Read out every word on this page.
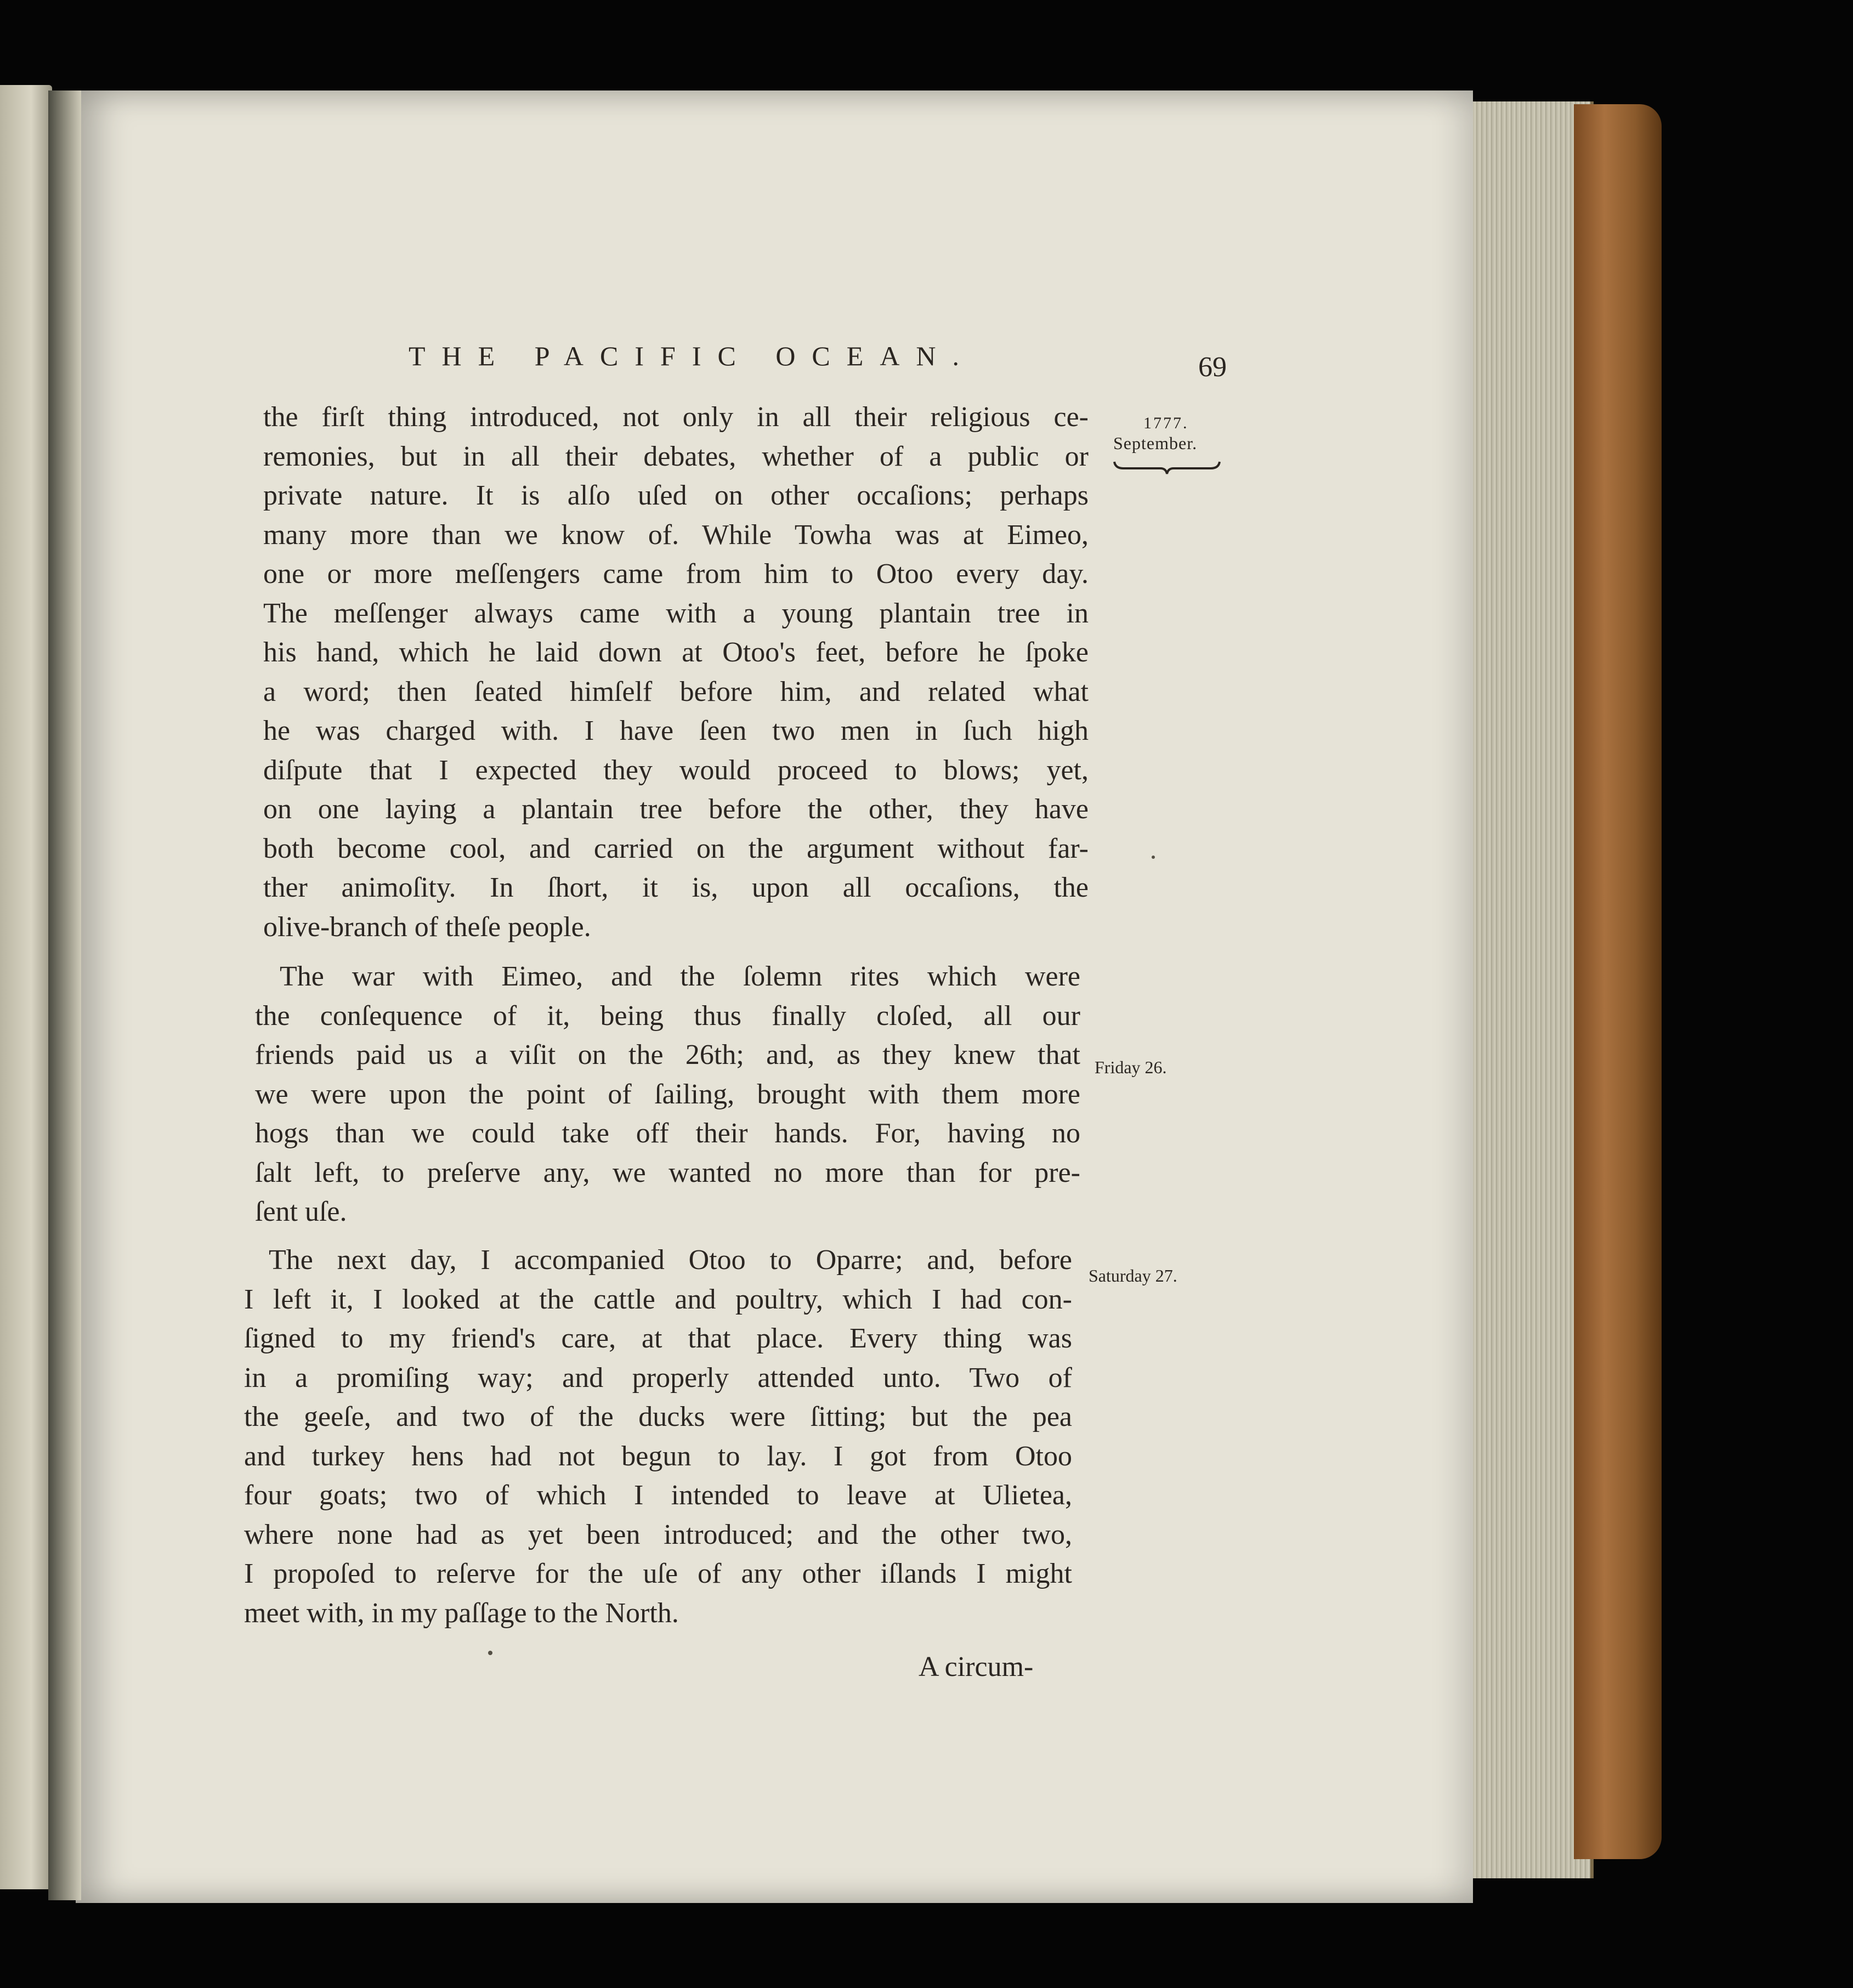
THE PACIFIC OCEAN.	69
1777.
September.
Friday 26.
Saturday 27.
the firſt thing introduced, not only in all their religious ce-
remonies, but in all their debates, whether of a public or
private nature. It is alſo uſed on other occaſions; perhaps
many more than we know of. While Towha was at Eimeo,
one or more meſſengers came from him to Otoo every day.
The meſſenger always came with a young plantain tree in
his hand, which he laid down at Otoo's feet, before he ſpoke
a word; then ſeated himſelf before him, and related what
he was charged with. I have ſeen two men in ſuch high
diſpute that I expected they would proceed to blows; yet,
on one laying a plantain tree before the other, they have
both become cool, and carried on the argument without far-
ther animoſity. In ſhort, it is, upon all occaſions, the
olive-branch of theſe people.
The war with Eimeo, and the ſolemn rites which were
the conſequence of it, being thus finally cloſed, all our
friends paid us a viſit on the 26th; and, as they knew that
we were upon the point of ſailing, brought with them more
hogs than we could take off their hands. For, having no
ſalt left, to preſerve any, we wanted no more than for pre-
ſent uſe.
The next day, I accompanied Otoo to Oparre; and, before
I left it, I looked at the cattle and poultry, which I had con-
ſigned to my friend's care, at that place. Every thing was
in a promiſing way; and properly attended unto. Two of
the geeſe, and two of the ducks were ſitting; but the pea
and turkey hens had not begun to lay. I got from Otoo
four goats; two of which I intended to leave at Ulietea,
where none had as yet been introduced; and the other two,
I propoſed to reſerve for the uſe of any other iſlands I might
meet with, in my paſſage to the North.
A circum-
